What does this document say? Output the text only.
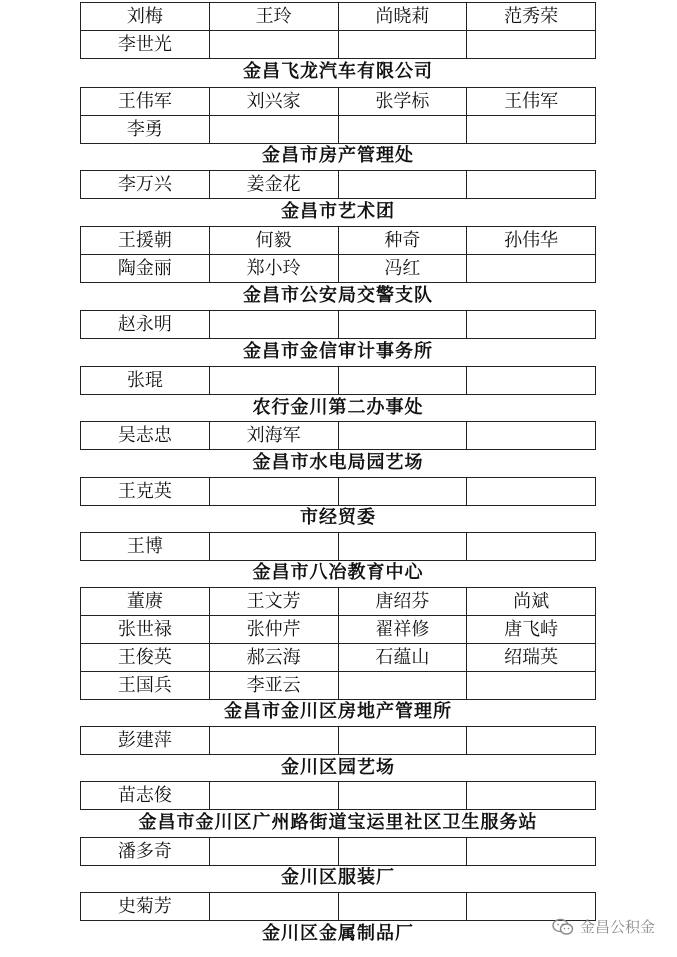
刘梅	王玲	尚晓莉	范秀荣
李世光			
金昌飞龙汽车有限公司
王伟军	刘兴家	张学标	王伟军
李勇			
金昌市房产管理处
李万兴	姜金花		
金昌市艺术团
王援朝	何毅	种奇	孙伟华
陶金丽	郑小玲	冯红	
金昌市公安局交警支队
赵永明			
金昌市金信审计事务所
张琨			
农行金川第二办事处
吴志忠	刘海军		
金昌市水电局园艺场
王克英			
市经贸委
王博			
金昌市八冶教育中心
董赓	王文芳	唐绍芬	尚斌
张世禄	张仲芹	翟祥修	唐飞峙
王俊英	郝云海	石蕴山	绍瑞英
王国兵	李亚云		
金昌市金川区房地产管理所
彭建萍			
金川区园艺场
苗志俊			
金昌市金川区广州路街道宝运里社区卫生服务站
潘多奇			
金川区服装厂
史菊芳			
金川区金属制品厂	金昌公积金
